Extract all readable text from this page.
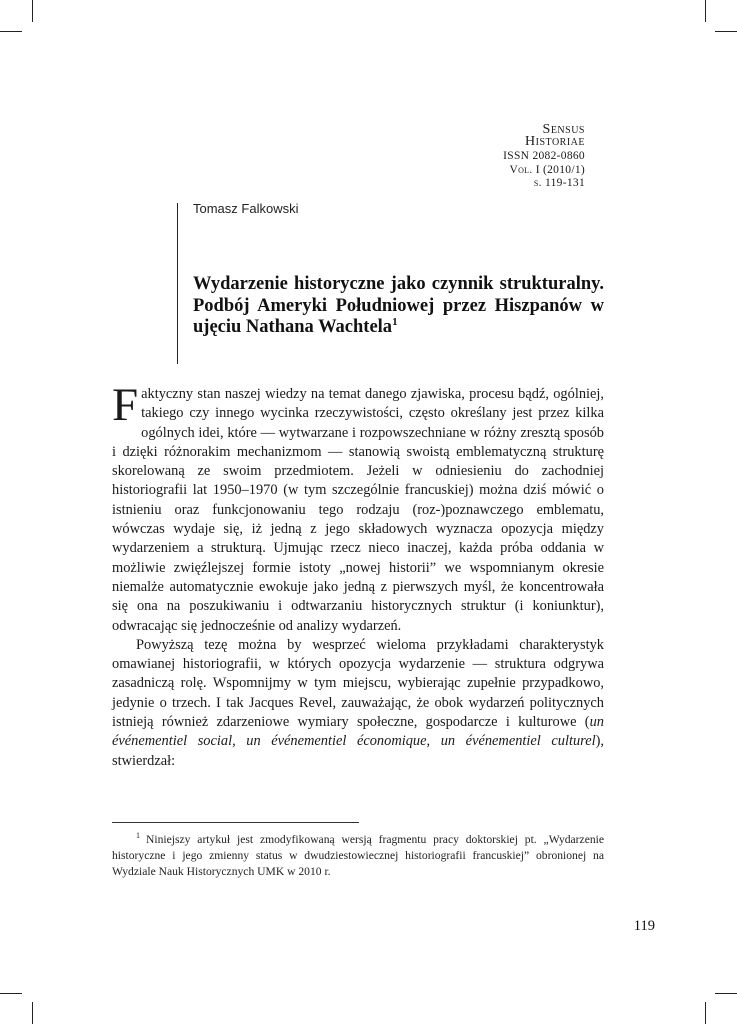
Sensus
Historiae
ISSN 2082-0860
Vol. I (2010/1)
s. 119-131
Tomasz Falkowski
Wydarzenie historyczne jako czynnik strukturalny. Podbój Ameryki Południowej przez Hiszpanów w ujęciu Nathana Wachtela$^1$

Faktyczny stan naszej wiedzy na temat danego zjawiska, procesu bądź, ogólniej, takiego czy innego wycinka rzeczywistości, często określany jest przez kilka ogólnych idei, które — wytwarzane i rozpowszechniane w różny zresztą sposób i dzięki różnorakim mechanizmom — stanowią swoistą emblematyczną strukturę skorelowaną ze swoim przedmiotem. Jeżeli w odniesieniu do zachodniej historiografii lat 1950–1970 (w tym szczególnie francuskiej) można dziś mówić o istnieniu oraz funkcjonowaniu tego rodzaju (roz-)poznawczego emblematu, wówczas wydaje się, iż jedną z jego składowych wyznacza opozycja między wydarzeniem a strukturą. Ujmując rzecz nieco inaczej, każda próba oddania w możliwie zwięźlejszej formie istoty „nowej historii” we wspomnianym okresie niemalże automatycznie ewokuje jako jedną z pierwszych myśl, że koncentrowała się ona na poszukiwaniu i odtwarzaniu historycznych struktur (i koniunktur), odwracając się jednocześnie od analizy wydarzeń.

Powyższą tezę można by wesprzeć wieloma przykładami charakterystyk omawianej historiografii, w których opozycja wydarzenie — struktura odgrywa zasadniczą rolę. Wspomnijmy w tym miejscu, wybierając zupełnie przypadkowo, jedynie o trzech. I tak Jacques Revel, zauważając, że obok wydarzeń politycznych istnieją również zdarzeniowe wymiary społeczne, gospodarcze i kulturowe (un événementiel social, un événementiel économique, un événementiel culturel), stwierdzał:

$^1$ Niniejszy artykuł jest zmodyfikowaną wersją fragmentu pracy doktorskiej pt. „Wydarzenie historyczne i jego zmienny status w dwudziestowiecznej historiografii francuskiej” obronionej na Wydziale Nauk Historycznych UMK w 2010 r.
119
